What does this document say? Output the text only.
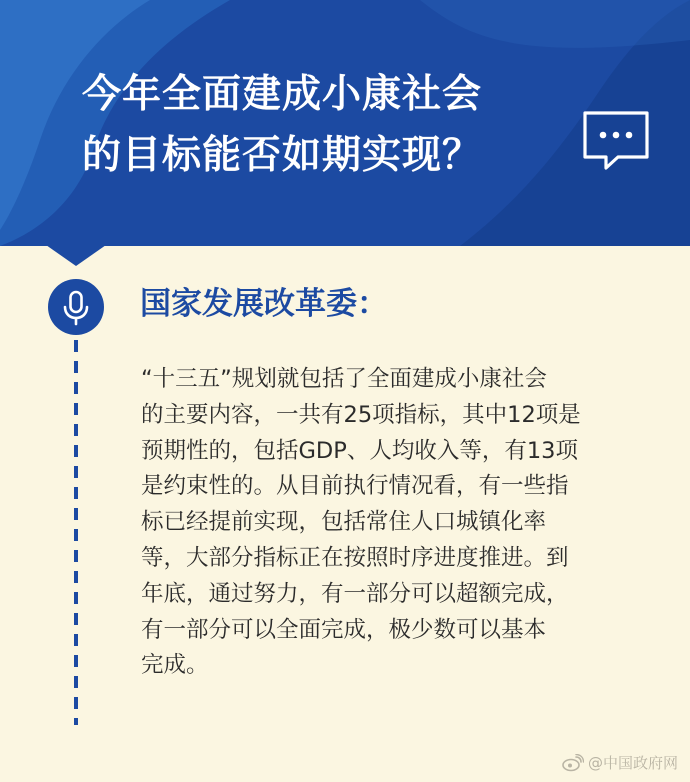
今年全面建成小康社会
的目标能否如期实现？
国家发展改革委：
“十三五”规划就包括了全面建成小康社会
的主要内容，一共有25项指标，其中12项是
预期性的，包括GDP、人均收入等，有13项
是约束性的。从目前执行情况看，有一些指
标已经提前实现，包括常住人口城镇化率
等，大部分指标正在按照时序进度推进。到
年底，通过努力，有一部分可以超额完成，
有一部分可以全面完成，极少数可以基本
完成。
@中国政府网
